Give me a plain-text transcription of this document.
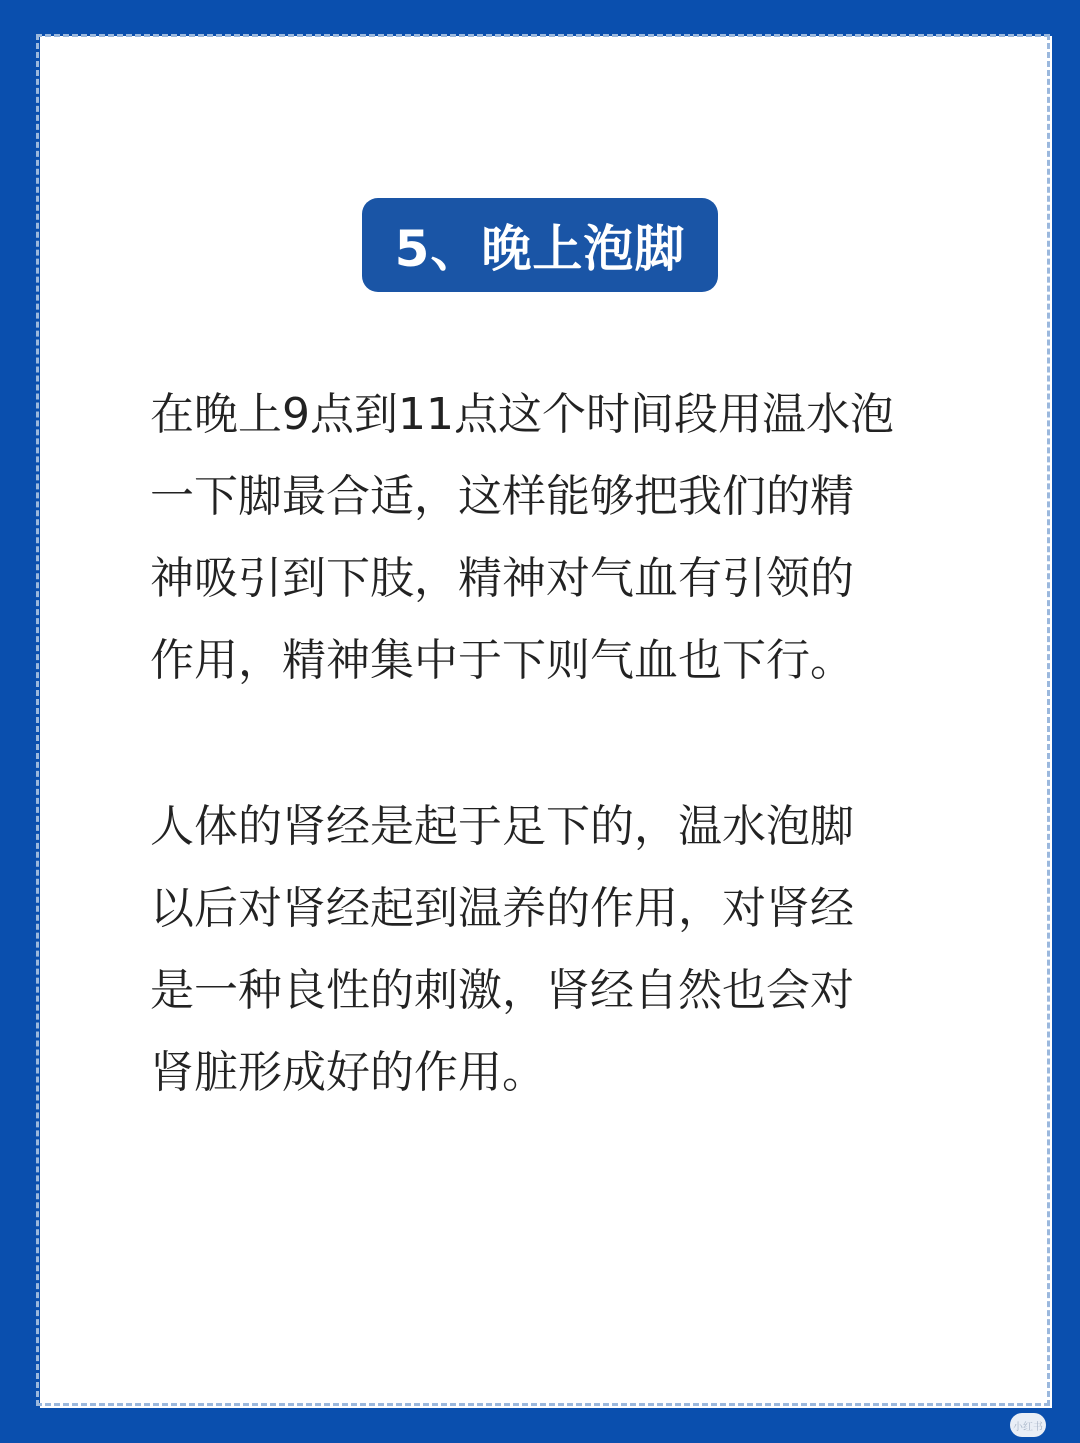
5、晚上泡脚
在晚上9点到11点这个时间段用温水泡
一下脚最合适，这样能够把我们的精
神吸引到下肢，精神对气血有引领的
作用，精神集中于下则气血也下行。
人体的肾经是起于足下的，温水泡脚
以后对肾经起到温养的作用，对肾经
是一种良性的刺激，肾经自然也会对
肾脏形成好的作用。
小红书
